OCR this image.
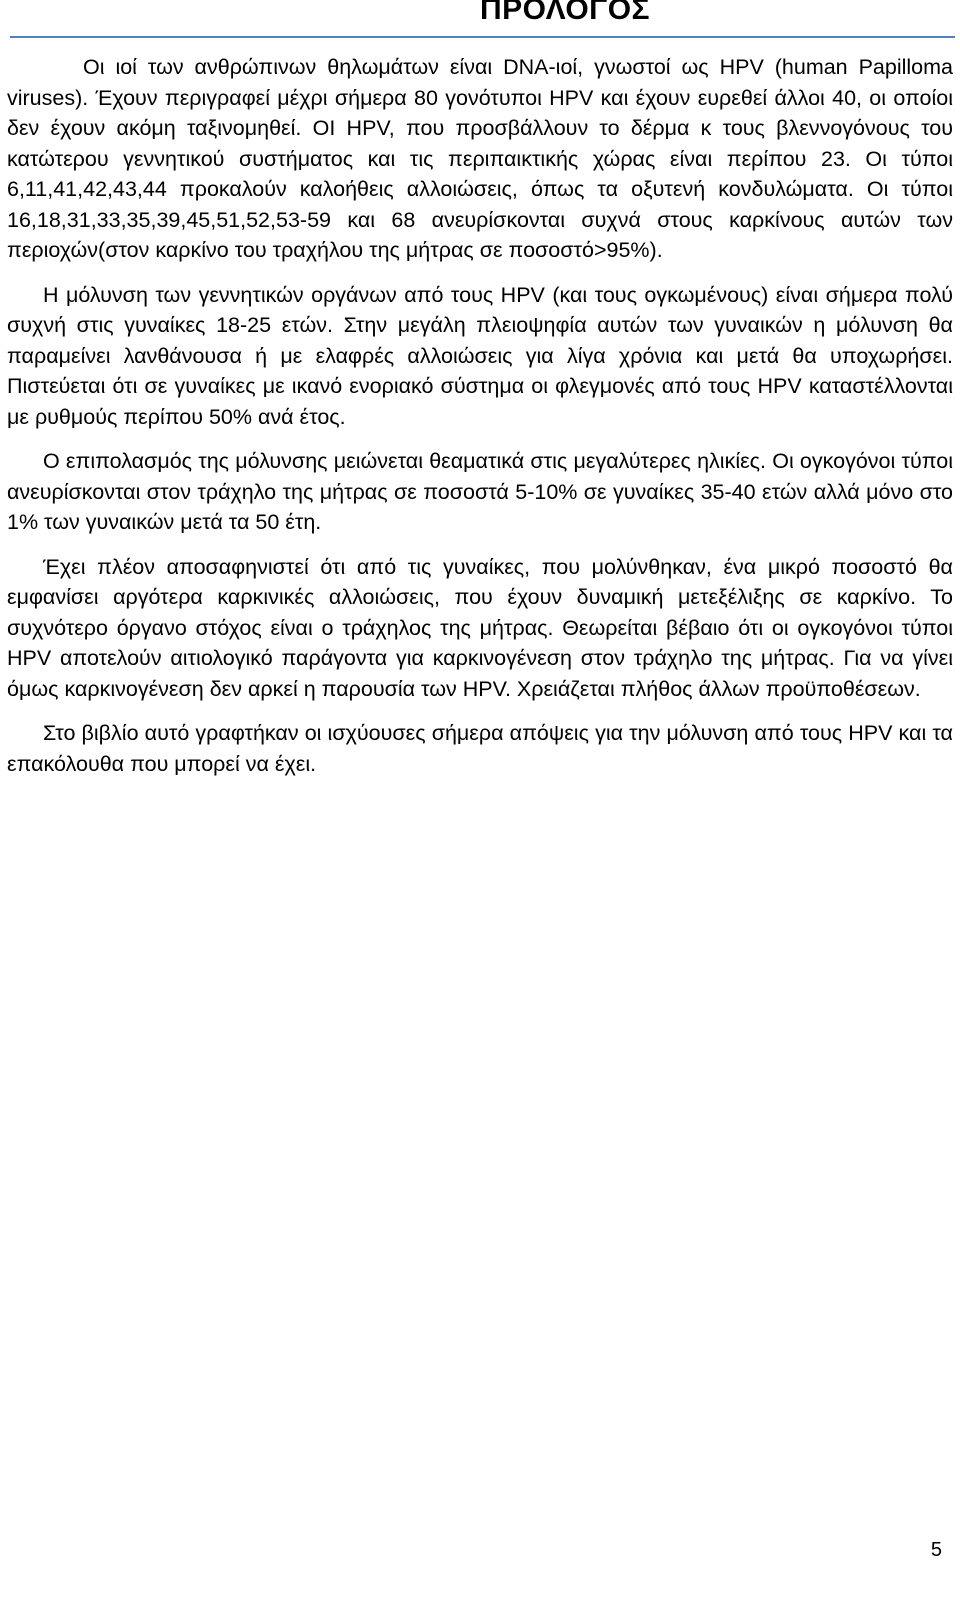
ΠΡΟΛΟΓΟΣ

Οι ιοί των ανθρώπινων θηλωμάτων είναι DNA-ιοί, γνωστοί ως HPV (human Papilloma viruses). Έχουν περιγραφεί μέχρι σήμερα 80 γονότυποι HPV και έχουν ευρεθεί άλλοι 40, οι οποίοι δεν έχουν ακόμη ταξινομηθεί. ΟΙ HPV, που προσβάλλουν το δέρμα κ τους βλεννογόνους του κατώτερου γεννητικού συστήματος και τις περιπαικτικής χώρας είναι περίπου 23. Οι τύποι 6,11,41,42,43,44 προκαλούν καλοήθεις αλλοιώσεις, όπως τα οξυτενή κονδυλώματα. Οι τύποι 16,18,31,33,35,39,45,51,52,53-59 και 68 ανευρίσκονται συχνά στους καρκίνους αυτών των περιοχών(στον καρκίνο του τραχήλου της μήτρας σε ποσοστό>95%).

Η μόλυνση των γεννητικών οργάνων από τους HPV (και τους ογκωμένους) είναι σήμερα πολύ συχνή στις γυναίκες 18-25 ετών. Στην μεγάλη πλειοψηφία αυτών των γυναικών η μόλυνση θα παραμείνει λανθάνουσα ή με ελαφρές αλλοιώσεις για λίγα χρόνια και μετά θα υποχωρήσει. Πιστεύεται ότι σε γυναίκες με ικανό ενοριακό σύστημα οι φλεγμονές από τους HPV καταστέλλονται με ρυθμούς περίπου 50% ανά έτος.

Ο επιπολασμός της μόλυνσης μειώνεται θεαματικά στις μεγαλύτερες ηλικίες. Οι ογκογόνοι τύποι ανευρίσκονται στον τράχηλο της μήτρας σε ποσοστά 5-10% σε γυναίκες 35-40 ετών αλλά μόνο στο 1% των γυναικών μετά τα 50 έτη.

Έχει πλέον αποσαφηνιστεί ότι από τις γυναίκες, που μολύνθηκαν, ένα μικρό ποσοστό θα εμφανίσει αργότερα καρκινικές αλλοιώσεις, που έχουν δυναμική μετεξέλιξης σε καρκίνο. Το συχνότερο όργανο στόχος είναι ο τράχηλος της μήτρας. Θεωρείται βέβαιο ότι οι ογκογόνοι τύποι HPV αποτελούν αιτιολογικό παράγοντα για καρκινογένεση στον τράχηλο της μήτρας. Για να γίνει όμως καρκινογένεση δεν αρκεί η παρουσία των HPV. Χρειάζεται πλήθος άλλων προϋποθέσεων.

Στο βιβλίο αυτό γραφτήκαν οι ισχύουσες σήμερα απόψεις για την μόλυνση από τους HPV και τα επακόλουθα που μπορεί να έχει.

5
